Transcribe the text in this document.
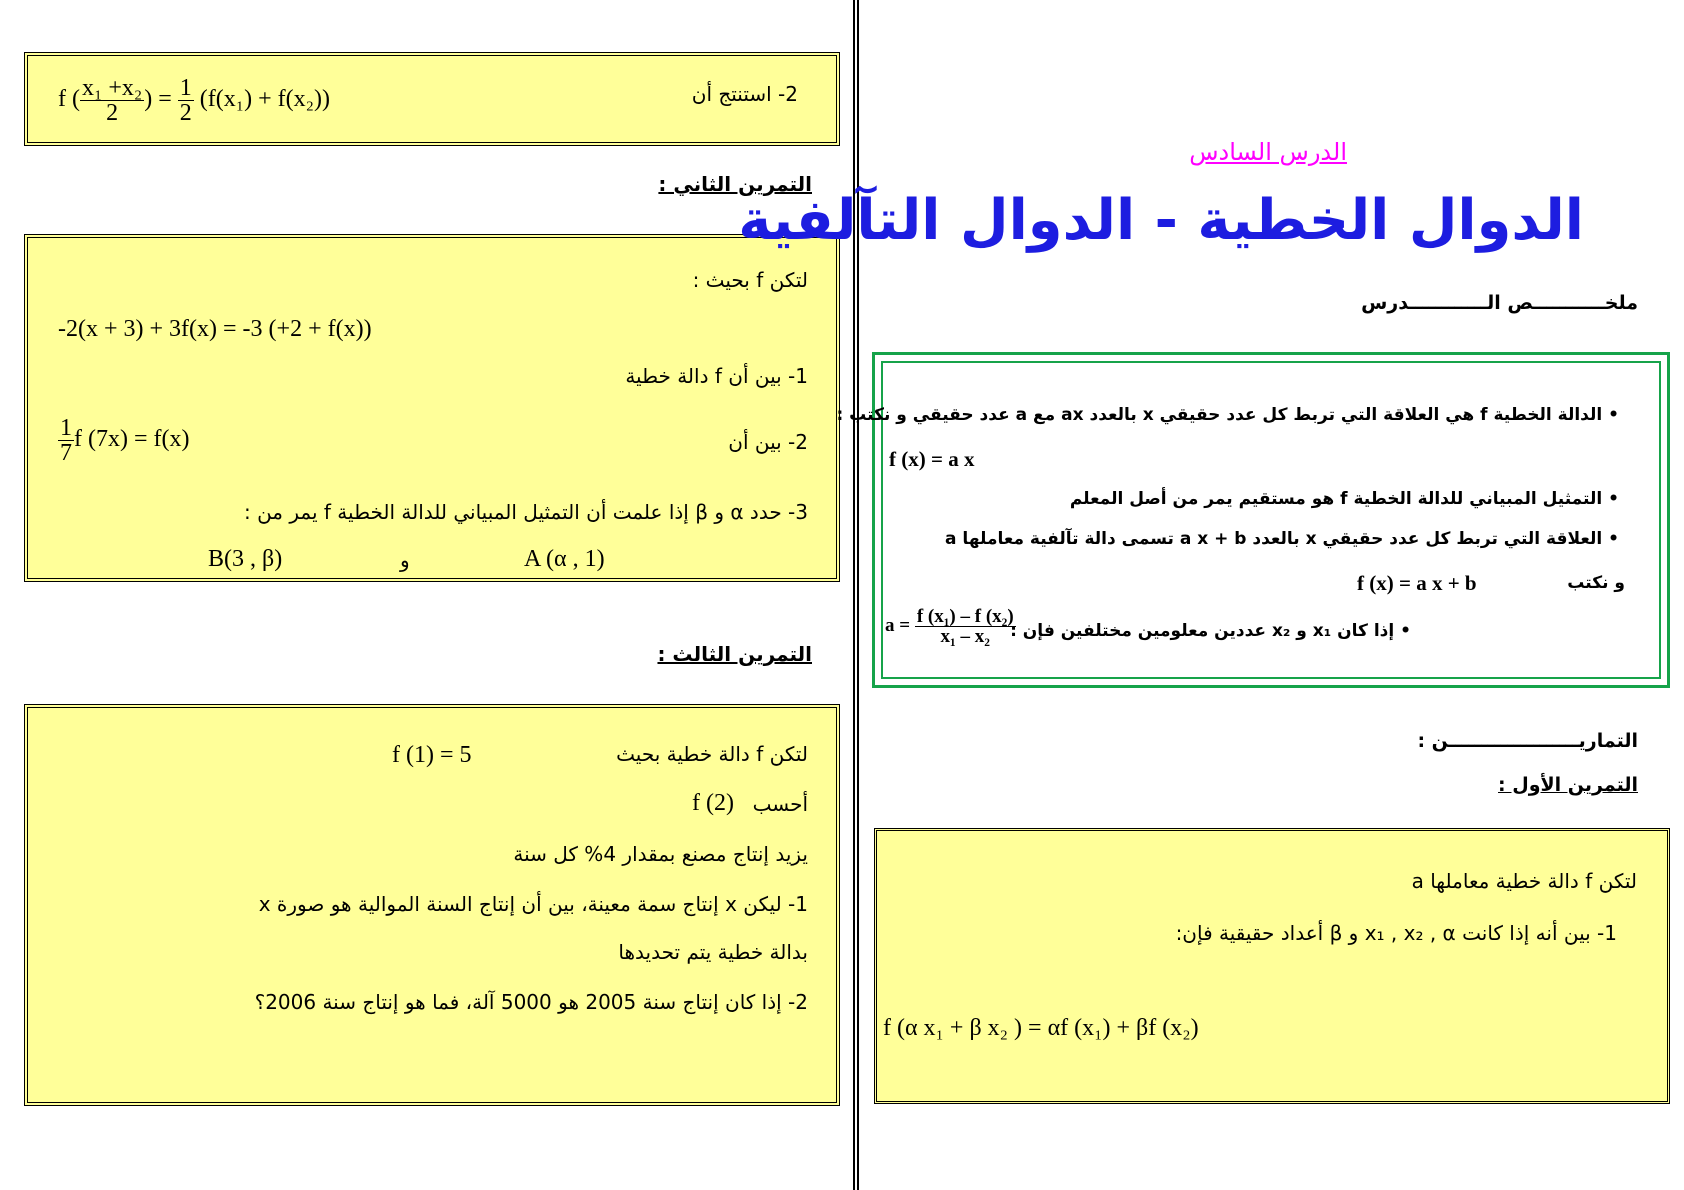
2- استنتج أن
f ( $\frac{\text{x₁ +x₂}}{2}$ ) = $\frac{1}{2} (f(x_1) + f(x_2))$
التمرين الثاني :
لتكن f بحيث :
-2(x + 3) + 3f(x) = -3 (+2 + f(x))
1- بين أن f دالة خطية
2- بين أن
$\frac{1}{7}$ f (7x) = f(x)
3- حدد α و β إذا علمت أن التمثيل المبياني للدالة الخطية f يمر من :
A (α , 1)
و
B(3 , β)
التمرين الثالث :
لتكن f دالة خطية بحيث
f (1) = 5
أحسب
f (2)
يزيد إنتاج مصنع بمقدار 4% كل سنة
1- ليكن x إنتاج سمة معينة، بين أن إنتاج السنة الموالية هو صورة x
بدالة خطية يتم تحديدها
2- إذا كان إنتاج سنة 2005 هو 5000 آلة، فما هو إنتاج سنة 2006؟
الدرس السادس
الدوال الخطية - الدوال التآلفية
ملخـــــــــــص الــــــــــــدرس
• الدالة الخطية f هي العلاقة التي تربط كل عدد حقيقي x بالعدد ax مع a عدد حقيقي و نكتب :
f (x) = a x
• التمثيل المبياني للدالة الخطية f هو مستقيم يمر من أصل المعلم
• العلاقة التي تربط كل عدد حقيقي x بالعدد a x + b تسمى دالة تآلفية معاملها a
و نكتب
f (x) = a x + b
• إذا كان x₁ و x₂ عددين معلومين مختلفين فإن :
$a = \frac{\text{f (x₁) – f (x₂)}}{\text{x₁ – x₂}}$
التماريــــــــــــــــــــن :
التمرين الأول :
لتكن f دالة خطية معاملها a
1- بين أنه إذا كانت x₁ , x₂ , α و β أعداد حقيقية فإن:
f (α x₁ + β x₂ ) = αf (x₁) + βf (x₂)
